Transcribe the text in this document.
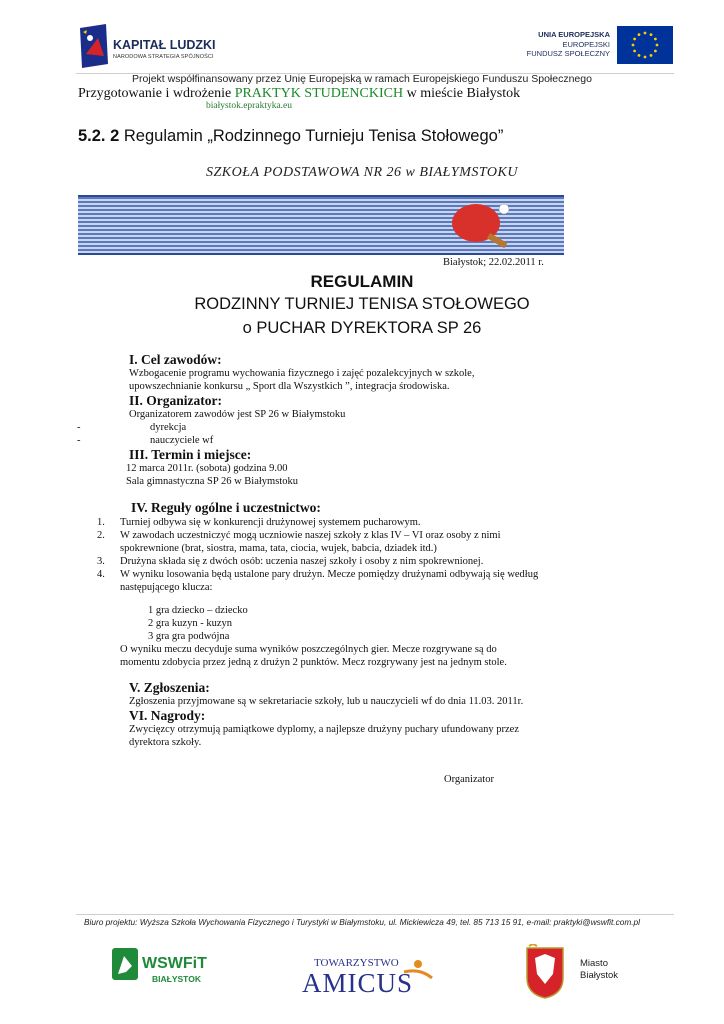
KAPITAŁ LUDZKI
NARODOWA STRATEGIA SPÓJNOŚCI
UNIA EUROPEJSKA
EUROPEJSKI
FUNDUSZ SPOŁECZNY
Projekt współfinansowany przez Unię Europejską w ramach Europejskiego Funduszu Społecznego
Przygotowanie i wdrożenie PRAKTYK STUDENCKICH w mieście Białystok
białystok.epraktyka.eu
5.2. 2 Regulamin „Rodzinnego Turnieju Tenisa Stołowego”
SZKOŁA PODSTAWOWA NR 26 w BIAŁYMSTOKU
Białystok; 22.02.2011 r.
REGULAMIN
RODZINNY TURNIEJ TENISA STOŁOWEGO
o PUCHAR DYREKTORA SP 26
I. Cel zawodów:
Wzbogacenie programu wychowania fizycznego i zajęć pozalekcyjnych w szkole,
upowszechnianie konkursu „ Sport dla Wszystkich ”, integracja środowiska.
II. Organizator:
Organizatorem zawodów jest SP 26 w Białymstoku
-	dyrekcja
-	nauczyciele wf
III. Termin i miejsce:
12 marca 2011r. (sobota) godzina 9.00
Sala gimnastyczna SP 26 w Białymstoku
IV. Reguły ogólne i uczestnictwo:
1. Turniej odbywa się w konkurencji drużynowej systemem pucharowym.
2. W zawodach uczestniczyć mogą uczniowie naszej szkoły z klas IV – VI oraz osoby z nimi
spokrewnione (brat, siostra, mama, tata, ciocia, wujek, babcia, dziadek itd.)
3. Drużyna składa się z dwóch osób: uczenia naszej szkoły i osoby z nim spokrewnionej.
4. W wyniku losowania będą ustalone pary drużyn. Mecze pomiędzy drużynami odbywają się według
następującego klucza:
1 gra dziecko – dziecko
2 gra kuzyn - kuzyn
3 gra gra podwójna
O wyniku meczu decyduje suma wyników poszczególnych gier. Mecze rozgrywane są do
momentu zdobycia przez jedną z drużyn 2 punktów. Mecz rozgrywany jest na jednym stole.
V. Zgłoszenia:
Zgłoszenia przyjmowane są w sekretariacie szkoły, lub u nauczycieli wf do dnia 11.03. 2011r.
VI. Nagrody:
Zwycięzcy otrzymują pamiątkowe dyplomy, a najlepsze drużyny puchary ufundowany przez
dyrektora szkoły.
Organizator
Biuro projektu: Wyższa Szkoła Wychowania Fizycznego i Turystyki w Białymstoku, ul. Mickiewicza 49, tel. 85 713 15 91, e-mail: praktyki@wswfit.com.pl
WSWFiT
BIAŁYSTOK
TOWARZYSTWO
AMICUS
Miasto
Białystok
